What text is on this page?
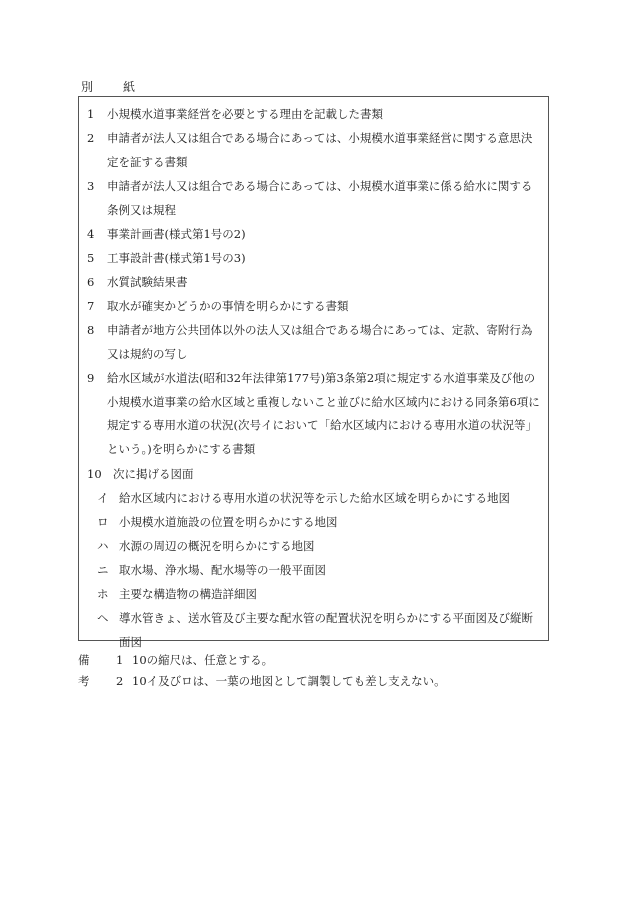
別　紙
1	小規模水道事業経営を必要とする理由を記載した書類
2	申請者が法人又は組合である場合にあっては、小規模水道事業経営に関する意思決定を証する書類
3	申請者が法人又は組合である場合にあっては、小規模水道事業に係る給水に関する条例又は規程
4	事業計画書(様式第1号の2)
5	工事設計書(様式第1号の3)
6	水質試験結果書
7	取水が確実かどうかの事情を明らかにする書類
8	申請者が地方公共団体以外の法人又は組合である場合にあっては、定款、寄附行為又は規約の写し
9	給水区域が水道法(昭和32年法律第177号)第3条第2項に規定する水道事業及び他の小規模水道事業の給水区域と重複しないこと並びに給水区域内における同条第6項に規定する専用水道の状況(次号イにおいて「給水区域内における専用水道の状況等」という。)を明らかにする書類
10 次に掲げる図面
イ 給水区域内における専用水道の状況等を示した給水区域を明らかにする地図
ロ 小規模水道施設の位置を明らかにする地図
ハ 水源の周辺の概況を明らかにする地図
ニ 取水場、浄水場、配水場等の一般平面図
ホ 主要な構造物の構造詳細図
ヘ 導水管きょ、送水管及び主要な配水管の配置状況を明らかにする平面図及び縦断面図
備考
1 10の縮尺は、任意とする。
2 10イ及びロは、一葉の地図として調製しても差し支えない。
